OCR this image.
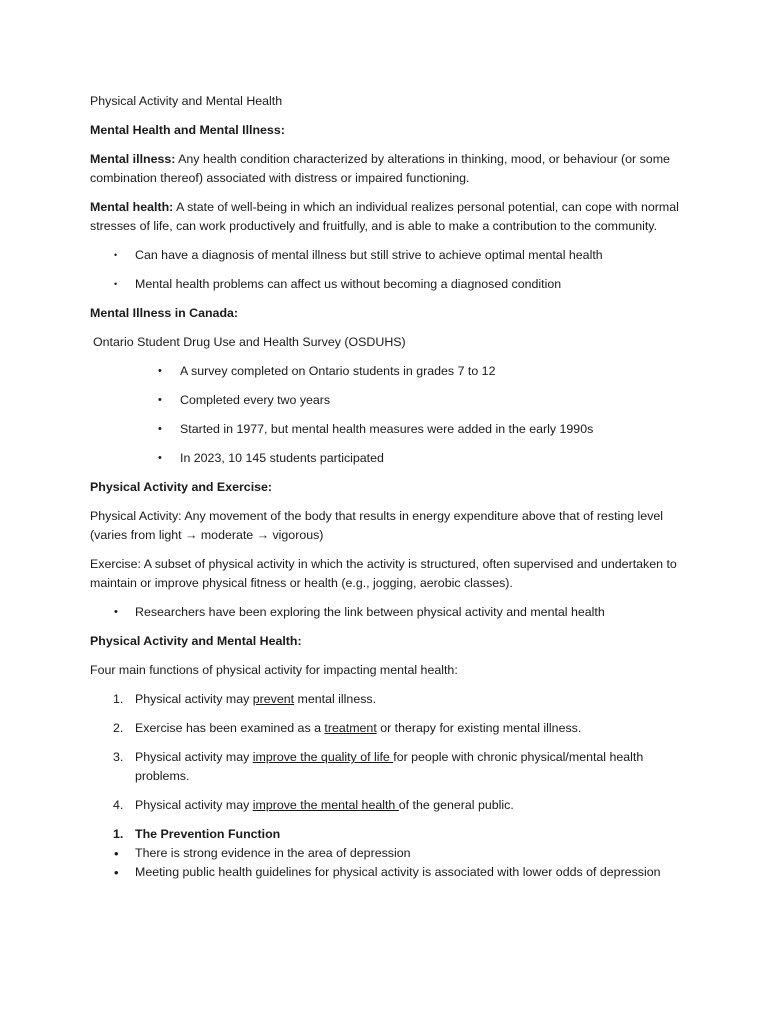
Physical Activity and Mental Health

Mental Health and Mental Illness:

Mental illness: Any health condition characterized by alterations in thinking, mood, or behaviour (or some combination thereof) associated with distress or impaired functioning.

Mental health: A state of well-being in which an individual realizes personal potential, can cope with normal stresses of life, can work productively and fruitfully, and is able to make a contribution to the community.

• Can have a diagnosis of mental illness but still strive to achieve optimal mental health
• Mental health problems can affect us without becoming a diagnosed condition

Mental Illness in Canada:

Ontario Student Drug Use and Health Survey (OSDUHS)

• A survey completed on Ontario students in grades 7 to 12
• Completed every two years
• Started in 1977, but mental health measures were added in the early 1990s
• In 2023, 10 145 students participated

Physical Activity and Exercise:

Physical Activity: Any movement of the body that results in energy expenditure above that of resting level (varies from light → moderate → vigorous)

Exercise: A subset of physical activity in which the activity is structured, often supervised and undertaken to maintain or improve physical fitness or health (e.g., jogging, aerobic classes).

• Researchers have been exploring the link between physical activity and mental health

Physical Activity and Mental Health:

Four main functions of physical activity for impacting mental health:

1. Physical activity may prevent mental illness.
2. Exercise has been examined as a treatment or therapy for existing mental illness.
3. Physical activity may improve the quality of life for people with chronic physical/mental health problems.
4. Physical activity may improve the mental health of the general public.
1. The Prevention Function
• There is strong evidence in the area of depression
• Meeting public health guidelines for physical activity is associated with lower odds of depression
